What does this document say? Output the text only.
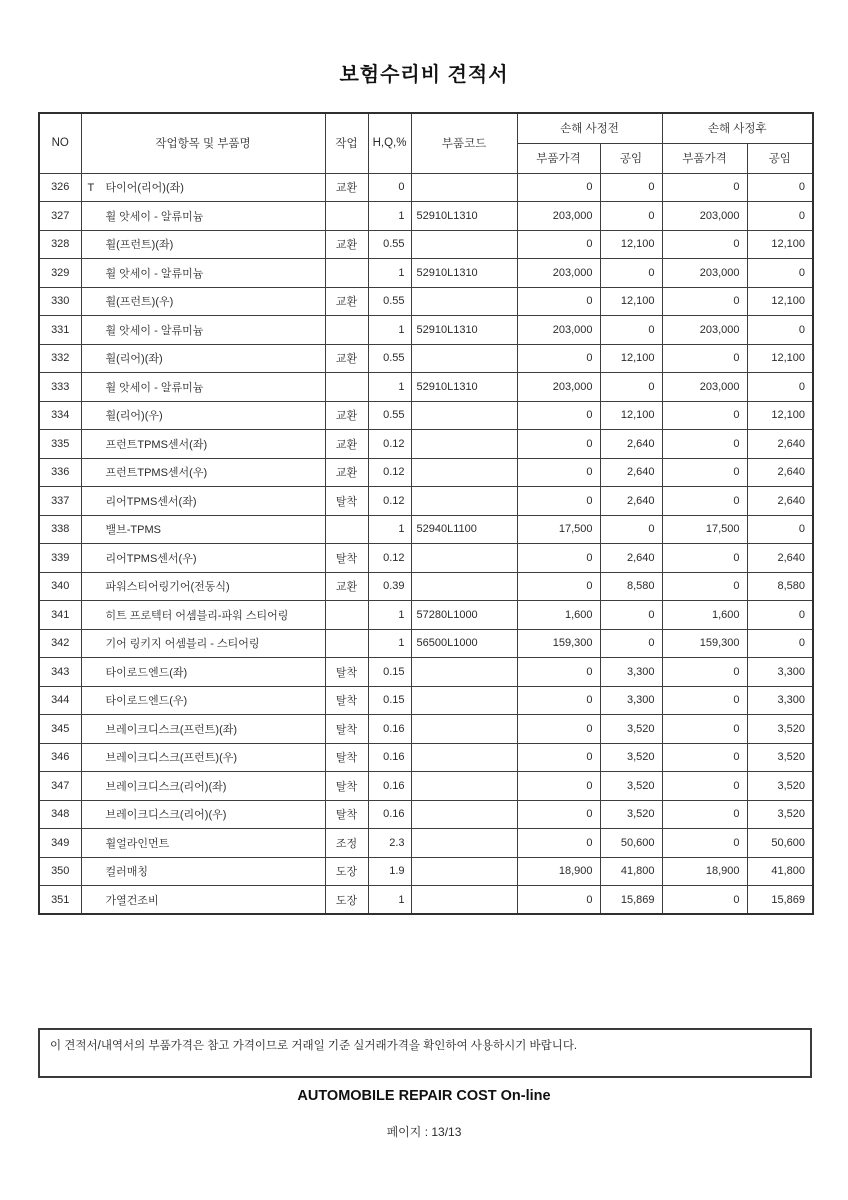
보험수리비 견적서
NO	작업항목 및 부품명	작업	H,Q,%	부품코드	손해 사정전		손해 사정후	
					부품가격	공임	부품가격	공임
326	T 타이어(리어)(좌)	교환	0		0	0	0	0
327	휠 앗세이 - 알류미늄		1	52910L1310	203,000	0	203,000	0
328	휠(프런트)(좌)	교환	0.55		0	12,100	0	12,100
329	휠 앗세이 - 알류미늄		1	52910L1310	203,000	0	203,000	0
330	휠(프런트)(우)	교환	0.55		0	12,100	0	12,100
331	휠 앗세이 - 알류미늄		1	52910L1310	203,000	0	203,000	0
332	휠(리어)(좌)	교환	0.55		0	12,100	0	12,100
333	휠 앗세이 - 알류미늄		1	52910L1310	203,000	0	203,000	0
334	휠(리어)(우)	교환	0.55		0	12,100	0	12,100
335	프런트TPMS센서(좌)	교환	0.12		0	2,640	0	2,640
336	프런트TPMS센서(우)	교환	0.12		0	2,640	0	2,640
337	리어TPMS센서(좌)	탈착	0.12		0	2,640	0	2,640
338	밸브-TPMS		1	52940L1100	17,500	0	17,500	0
339	리어TPMS센서(우)	탈착	0.12		0	2,640	0	2,640
340	파워스티어링기어(전동식)	교환	0.39		0	8,580	0	8,580
341	히트 프로텍터 어셈블리-파워 스티어링		1	57280L1000	1,600	0	1,600	0
342	기어 링키지 어셈블리 - 스티어링		1	56500L1000	159,300	0	159,300	0
343	타이로드엔드(좌)	탈착	0.15		0	3,300	0	3,300
344	타이로드엔드(우)	탈착	0.15		0	3,300	0	3,300
345	브레이크디스크(프런트)(좌)	탈착	0.16		0	3,520	0	3,520
346	브레이크디스크(프런트)(우)	탈착	0.16		0	3,520	0	3,520
347	브레이크디스크(리어)(좌)	탈착	0.16		0	3,520	0	3,520
348	브레이크디스크(리어)(우)	탈착	0.16		0	3,520	0	3,520
349	휠얼라인먼트	조정	2.3		0	50,600	0	50,600
350	컬러매칭	도장	1.9		18,900	41,800	18,900	41,800
351	가열건조비	도장	1		0	15,869	0	15,869
이 견적서/내역서의 부품가격은 참고 가격이므로 거래일 기준 실거래가격을 확인하여 사용하시기 바랍니다.
AUTOMOBILE REPAIR COST On-line
페이지 : 13/13
